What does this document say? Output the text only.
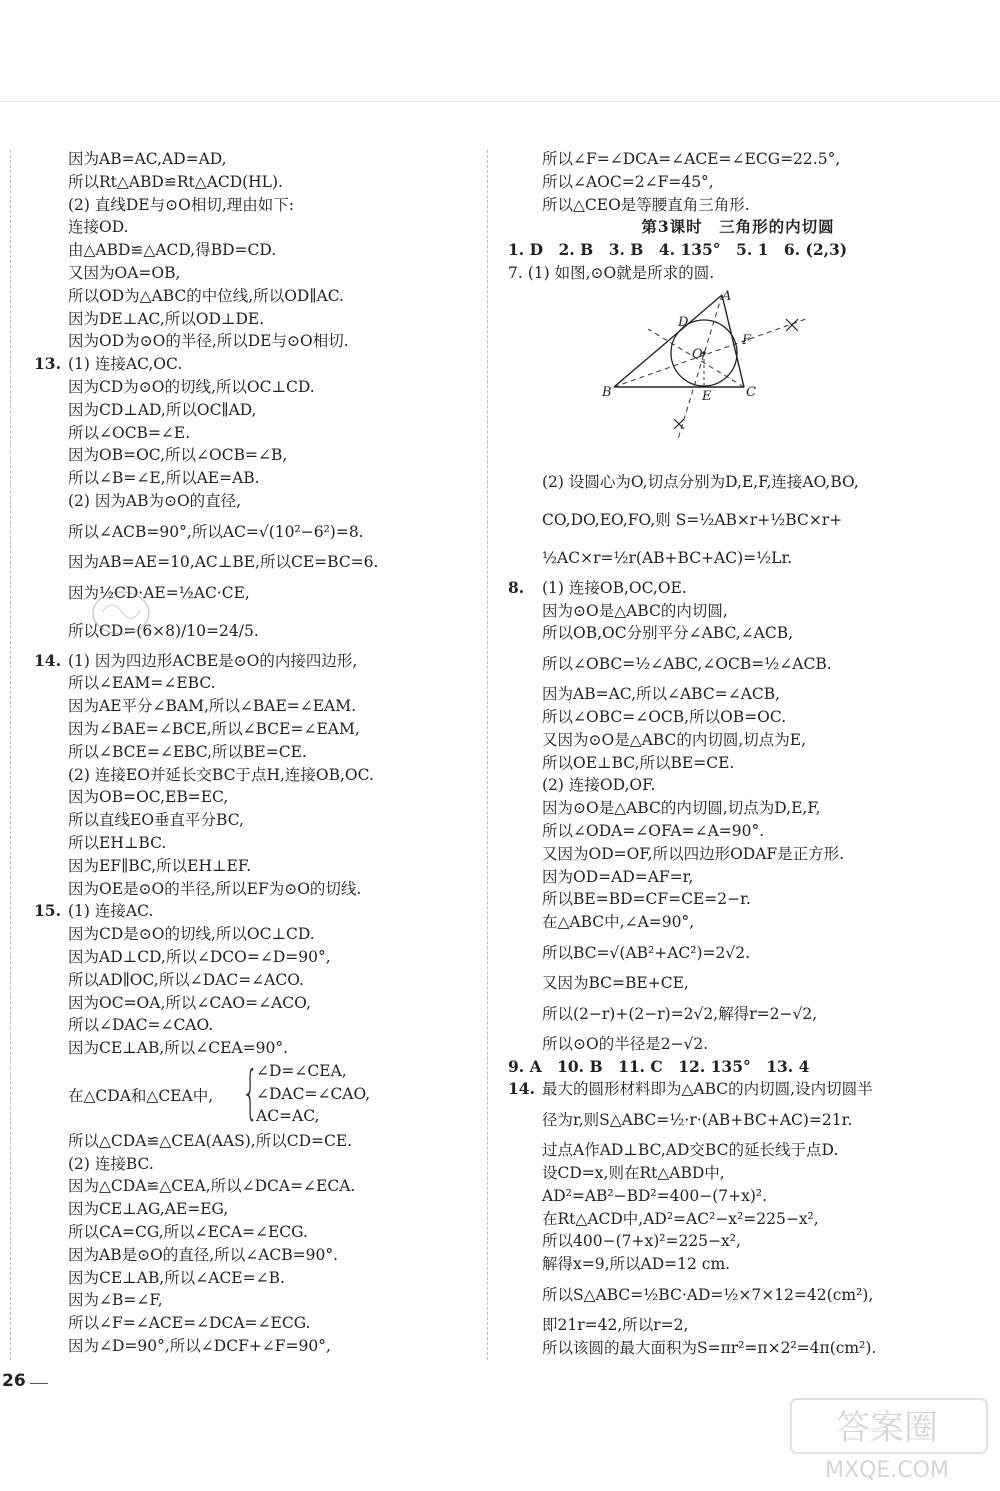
因为AB=AC,AD=AD,
所以Rt△ABD≌Rt△ACD(HL).
(2) 直线DE与⊙O相切,理由如下:
连接OD.
由△ABD≌△ACD,得BD=CD.
又因为OA=OB,
所以OD为△ABC的中位线,所以OD∥AC.
因为DE⊥AC,所以OD⊥DE.
因为OD为⊙O的半径,所以DE与⊙O相切.
13. (1) 连接AC,OC.
因为CD为⊙O的切线,所以OC⊥CD.
因为CD⊥AD,所以OC∥AD,
所以∠OCB=∠E.
因为OB=OC,所以∠OCB=∠B,
所以∠B=∠E,所以AE=AB.
(2) 因为AB为⊙O的直径,
所以∠ACB=90°,所以AC=√(10²−6²)=8.
因为AB=AE=10,AC⊥BE,所以CE=BC=6.
因为½CD·AE=½AC·CE,
所以CD=(6×8)/10=24/5.
14. (1) 因为四边形ACBE是⊙O的内接四边形,
所以∠EAM=∠EBC.
因为AE平分∠BAM,所以∠BAE=∠EAM.
因为∠BAE=∠BCE,所以∠BCE=∠EAM,
所以∠BCE=∠EBC,所以BE=CE.
(2) 连接EO并延长交BC于点H,连接OB,OC.
因为OB=OC,EB=EC,
所以直线EO垂直平分BC,
所以EH⊥BC.
因为EF∥BC,所以EH⊥EF.
因为OE是⊙O的半径,所以EF为⊙O的切线.
15. (1) 连接AC.
因为CD是⊙O的切线,所以OC⊥CD.
因为AD⊥CD,所以∠DCO=∠D=90°,
所以AD∥OC,所以∠DAC=∠ACO.
因为OC=OA,所以∠CAO=∠ACO,
所以∠DAC=∠CAO.
因为CE⊥AB,所以∠CEA=90°.
在△CDA和△CEA中, {
∠D=∠CEA,
∠DAC=∠CAO,
AC=AC,
所以△CDA≌△CEA(AAS),所以CD=CE.
(2) 连接BC.
因为△CDA≌△CEA,所以∠DCA=∠ECA.
因为CE⊥AG,AE=EG,
所以CA=CG,所以∠ECA=∠ECG.
因为AB是⊙O的直径,所以∠ACB=90°.
因为CE⊥AB,所以∠ACE=∠B.
因为∠B=∠F,
所以∠F=∠ACE=∠DCA=∠ECG.
因为∠D=90°,所以∠DCF+∠F=90°,
所以∠F=∠DCA=∠ACE=∠ECG=22.5°,
所以∠AOC=2∠F=45°,
所以△CEO是等腰直角三角形.
第3课时　三角形的内切圆
1. D　2. B　3. B　4. 135°　5. 1　6. (2,3)
7. (1) 如图,⊙O就是所求的圆.
A
B	C
D
E
F
O
(2) 设圆心为O,切点分别为D,E,F,连接AO,BO,
CO,DO,EO,FO,则 S=½AB×r+½BC×r+
½AC×r=½r(AB+BC+AC)=½Lr.
8. (1) 连接OB,OC,OE.
因为⊙O是△ABC的内切圆,
所以OB,OC分别平分∠ABC,∠ACB,
所以∠OBC=½∠ABC,∠OCB=½∠ACB.
因为AB=AC,所以∠ABC=∠ACB,
所以∠OBC=∠OCB,所以OB=OC.
又因为⊙O是△ABC的内切圆,切点为E,
所以OE⊥BC,所以BE=CE.
(2) 连接OD,OF.
因为⊙O是△ABC的内切圆,切点为D,E,F,
所以∠ODA=∠OFA=∠A=90°.
又因为OD=OF,所以四边形ODAF是正方形.
因为OD=AD=AF=r,
所以BE=BD=CF=CE=2−r.
在△ABC中,∠A=90°,
所以BC=√(AB²+AC²)=2√2.
又因为BC=BE+CE,
所以(2−r)+(2−r)=2√2,解得r=2−√2,
所以⊙O的半径是2−√2.
9. A　10. B　11. C　12. 135°　13. 4
14. 最大的圆形材料即为△ABC的内切圆,设内切圆半
径为r,则S△ABC=½·r·(AB+BC+AC)=21r.
过点A作AD⊥BC,AD交BC的延长线于点D.
设CD=x,则在Rt△ABD中,
AD²=AB²−BD²=400−(7+x)².
在Rt△ACD中,AD²=AC²−x²=225−x²,
所以400−(7+x)²=225−x²,
解得x=9,所以AD=12 cm.
所以S△ABC=½BC·AD=½×7×12=42(cm²),
即21r=42,所以r=2,
所以该圆的最大面积为S=πr²=π×2²=4π(cm²).
26
答案圈
MXQE.COM
